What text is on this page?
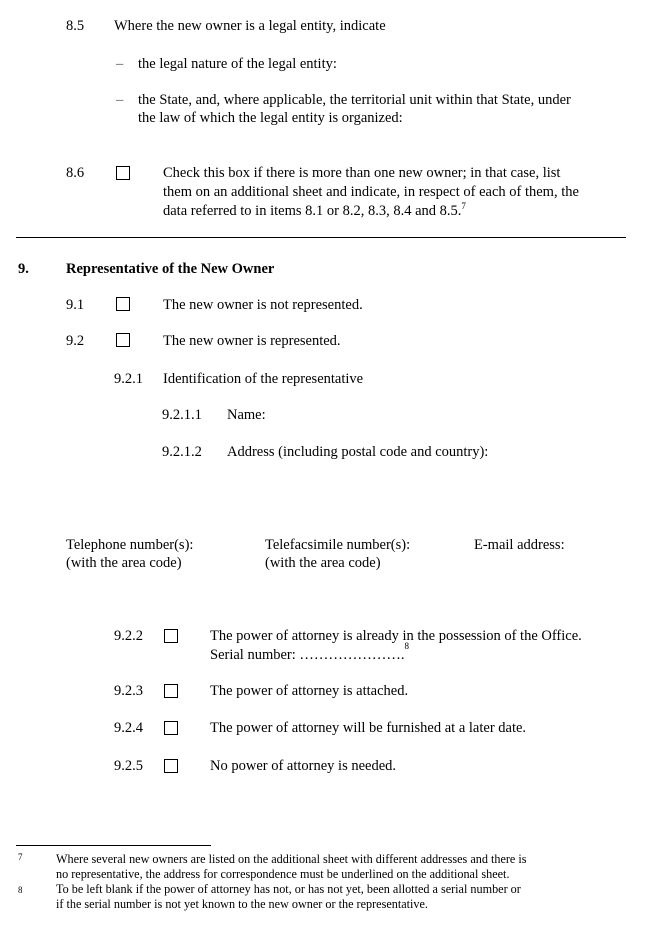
8.5 Where the new owner is a legal entity, indicate
– the legal nature of the legal entity:
– the State, and, where applicable, the territorial unit within that State, under
the law of which the legal entity is organized:
8.6	Check this box if there is more than one new owner; in that case, list
them on an additional sheet and indicate, in respect of each of them, the
data referred to in items 8.1 or 8.2, 8.3, 8.4 and 8.5.$^7$
9.	Representative of the New Owner
9.1	The new owner is not represented.
9.2	The new owner is represented.
9.2.1 Identification of the representative
9.2.1.1 Name:
9.2.1.2 Address (including postal code and country):
Telephone number(s):
(with the area code)
Telefacsimile number(s):
(with the area code)
E-mail address:
9.2.2	The power of attorney is already in the possession of the Office.
Serial number: ………………….$^8$
9.2.3	The power of attorney is attached.
9.2.4	The power of attorney will be furnished at a later date.
9.2.5	No power of attorney is needed.
7	Where several new owners are listed on the additional sheet with different addresses and there is
no representative, the address for correspondence must be underlined on the additional sheet.
8	To be left blank if the power of attorney has not, or has not yet, been allotted a serial number or
if the serial number is not yet known to the new owner or the representative.
